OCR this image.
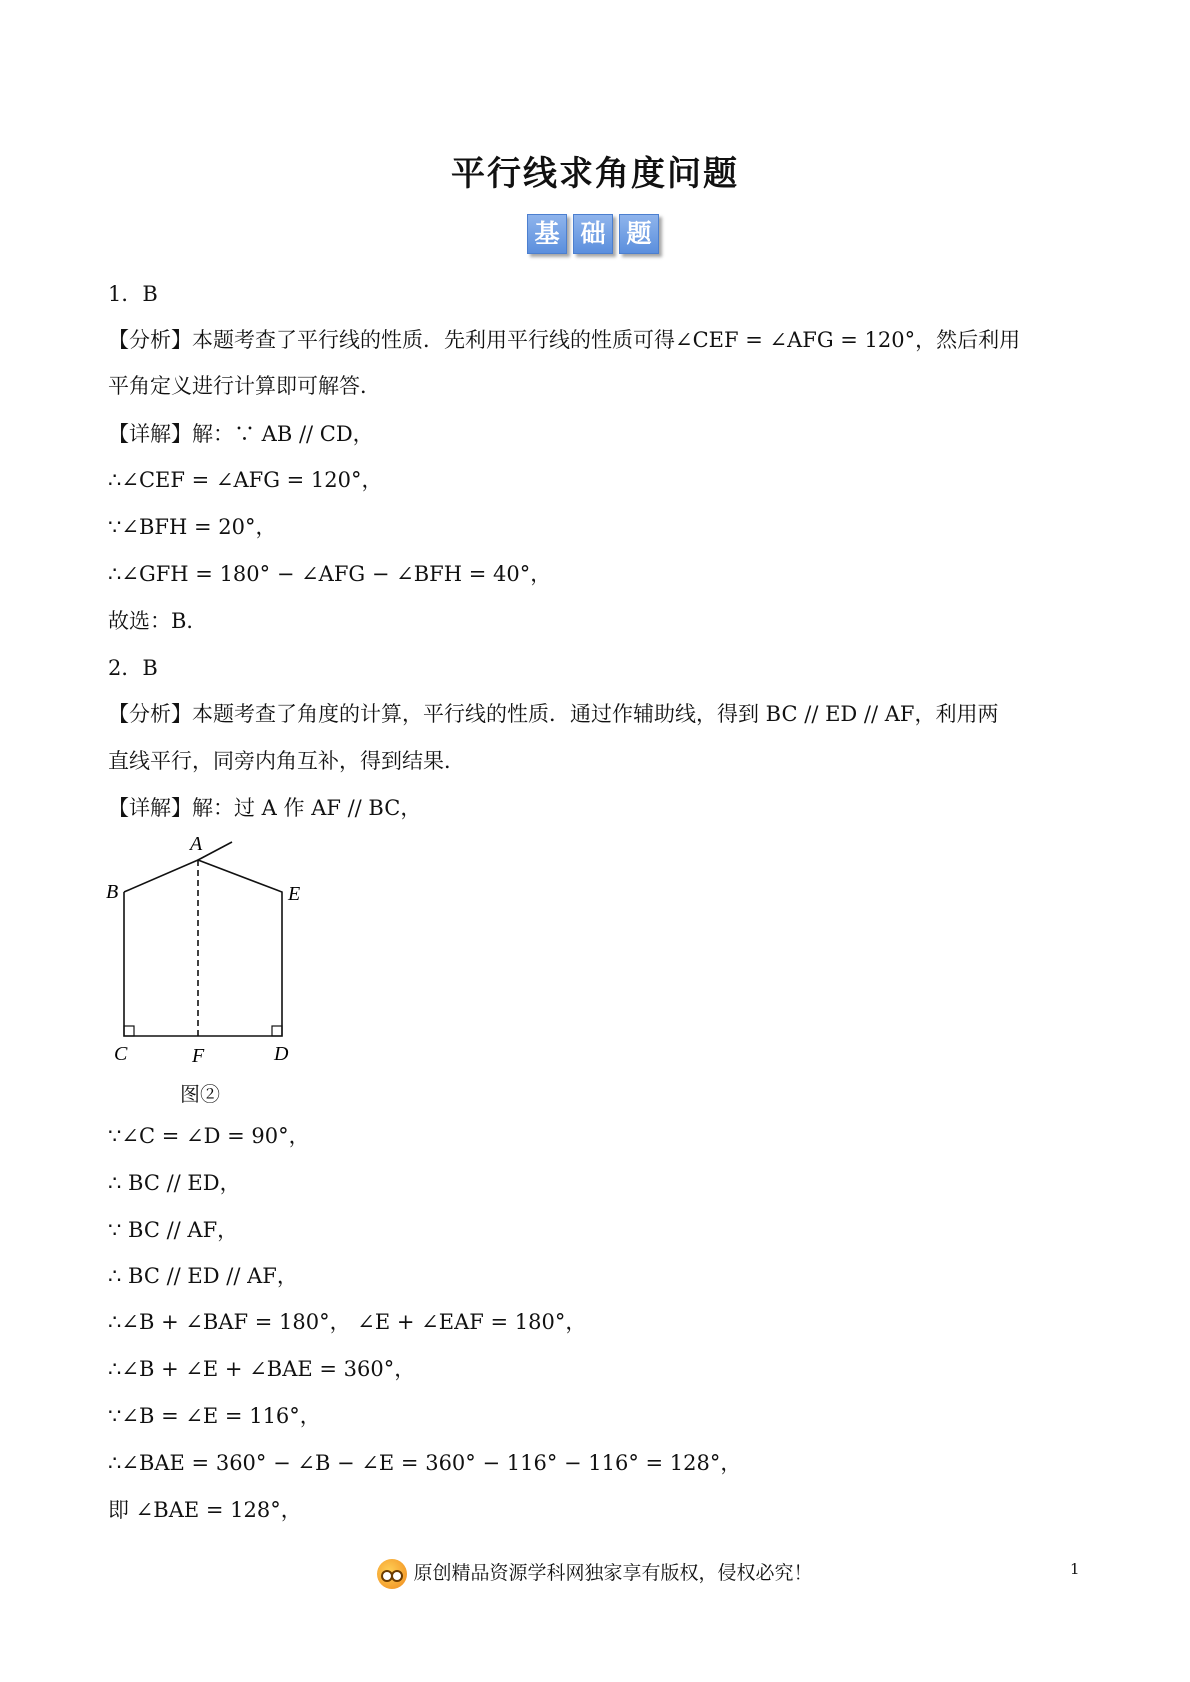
平行线求角度问题
基 础 题
1．B
【分析】本题考查了平行线的性质．先利用平行线的性质可得∠CEF = ∠AFG = 120°，然后利用
平角定义进行计算即可解答．
【详解】解：∵ AB // CD，
∴∠CEF = ∠AFG = 120°，
∵∠BFH = 20°，
∴∠GFH = 180° − ∠AFG − ∠BFH = 40°，
故选：B．
2．B
【分析】本题考查了角度的计算，平行线的性质．通过作辅助线，得到 BC // ED // AF，利用两
直线平行，同旁内角互补，得到结果．
【详解】解：过 A 作 AF // BC，
A
B	E
C	F	D
图②
∵∠C = ∠D = 90°，
∴ BC // ED，
∵ BC // AF，
∴ BC // ED // AF，
∴∠B + ∠BAF = 180°， ∠E + ∠EAF = 180°，
∴∠B + ∠E + ∠BAE = 360°，
∵∠B = ∠E = 116°，
∴∠BAE = 360° − ∠B − ∠E = 360° − 116° − 116° = 128°，
即 ∠BAE = 128°，
原创精品资源学科网独家享有版权，侵权必究！	1
